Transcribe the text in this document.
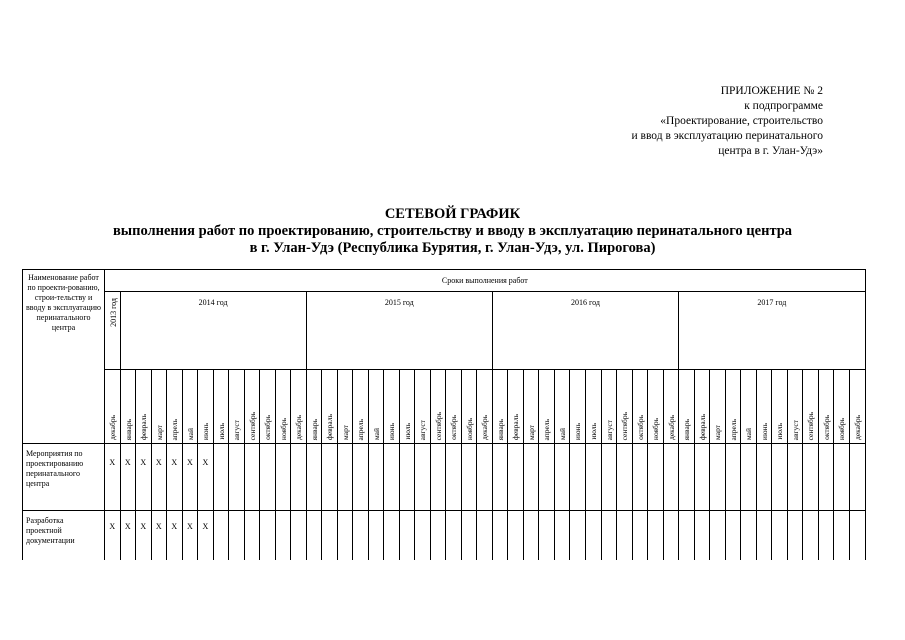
ПРИЛОЖЕНИЕ № 2
к подпрограмме
«Проектирование, строительство
и ввод в эксплуатацию перинатального
центра в г. Улан-Удэ»
СЕТЕВОЙ ГРАФИК
выполнения работ по проектированию, строительству и вводу в эксплуатацию перинатального центра
в г. Улан-Удэ (Республика Бурятия, г. Улан-Удэ, ул. Пирогова)
Наименование работ по проекти-рованию, строи-тельству и вводу в эксплуатацию перинатального центра	Сроки выполнения работ																																																

	2013 год	2014 год												2015 год												2016 год												2017 год											

	декабрь	январь	февраль	март	апрель	май	июнь	июль	август	сентябрь	октябрь	ноябрь	декабрь	январь	февраль	март	апрель	май	июнь	июль	август	сентябрь	октябрь	ноябрь	декабрь	январь	февраль	март	апрель	май	июнь	июль	август	сентябрь	октябрь	ноябрь	декабрь	январь	февраль	март	апрель	май	июнь	июль	август	сентябрь	октябрь	ноябрь	декабрь

Мероприятия по проектированию перинатального центра	X	X	X	X	X	X	X																																										
Разработка проектной документации	X	X	X	X	X	X	X																																										
